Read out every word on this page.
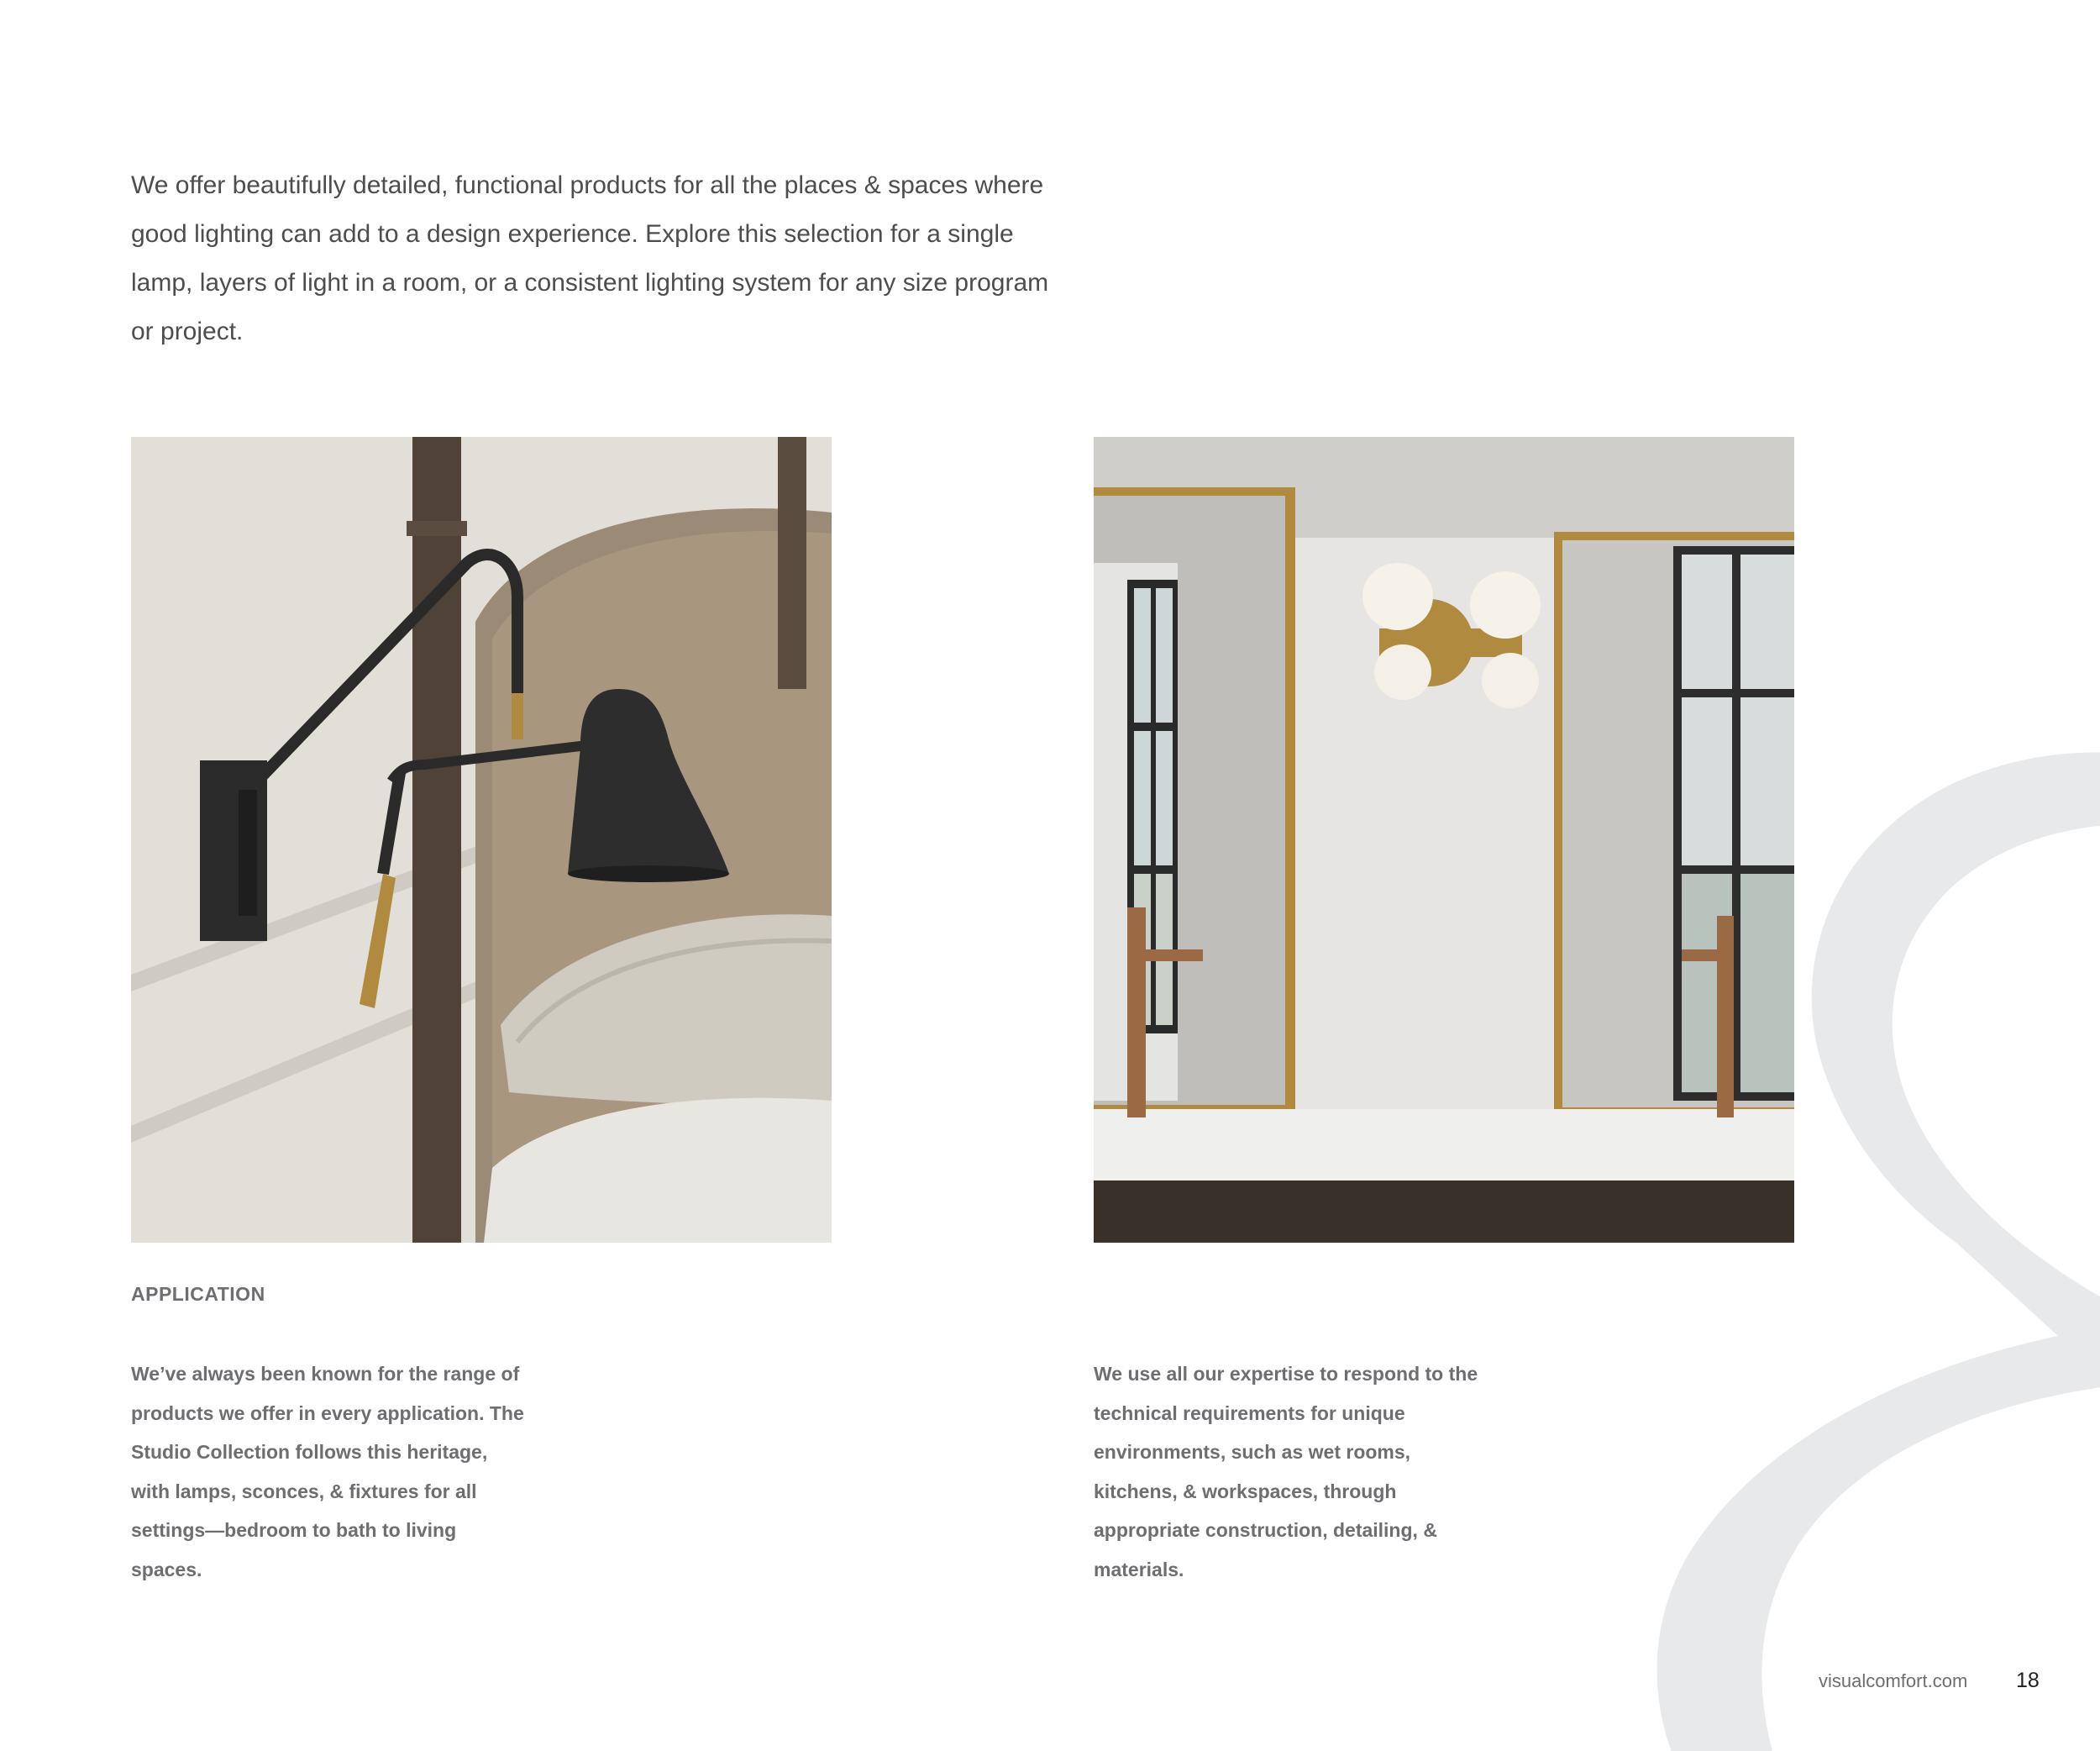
We offer beautifully detailed, functional products for all the places & spaces where good lighting can add to a design experience. Explore this selection for a single lamp, layers of light in a room, or a consistent lighting system for any size program or project.

APPLICATION

We’ve always been known for the range of products we offer in every application. The Studio Collection follows this heritage, with lamps, sconces, & fixtures for all settings—bedroom to bath to living spaces.

We use all our expertise to respond to the technical requirements for unique environments, such as wet rooms, kitchens, & workspaces, through appropriate construction, detailing, & materials.

visualcomfort.com 18
